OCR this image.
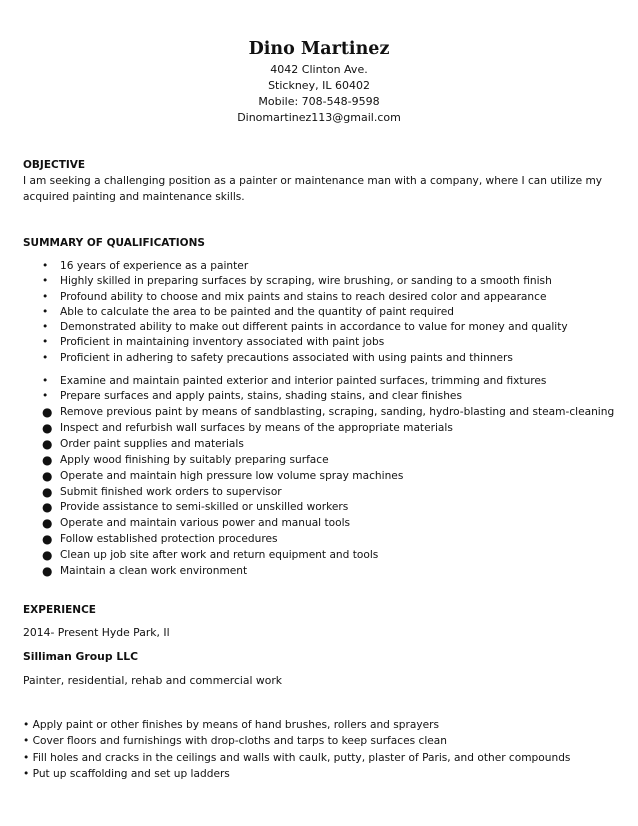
Dino Martinez
4042 Clinton Ave.
Stickney, IL 60402
Mobile: 708-548-9598
Dinomartinez113@gmail.com
OBJECTIVE
I am seeking a challenging position as a painter or maintenance man with a company, where I can utilize my
acquired painting and maintenance skills.
SUMMARY OF QUALIFICATIONS
• 16 years of experience as a painter
• Highly skilled in preparing surfaces by scraping, wire brushing, or sanding to a smooth finish
• Profound ability to choose and mix paints and stains to reach desired color and appearance
• Able to calculate the area to be painted and the quantity of paint required
• Demonstrated ability to make out different paints in accordance to value for money and quality
• Proficient in maintaining inventory associated with paint jobs
• Proficient in adhering to safety precautions associated with using paints and thinners
• Examine and maintain painted exterior and interior painted surfaces, trimming and fixtures
• Prepare surfaces and apply paints, stains, shading stains, and clear finishes
● Remove previous paint by means of sandblasting, scraping, sanding, hydro-blasting and steam-cleaning
● Inspect and refurbish wall surfaces by means of the appropriate materials
● Order paint supplies and materials
● Apply wood finishing by suitably preparing surface
● Operate and maintain high pressure low volume spray machines
● Submit finished work orders to supervisor
● Provide assistance to semi-skilled or unskilled workers
● Operate and maintain various power and manual tools
● Follow established protection procedures
● Clean up job site after work and return equipment and tools
● Maintain a clean work environment
EXPERIENCE
2014- Present Hyde Park, Il
Silliman Group LLC
Painter, residential, rehab and commercial work
• Apply paint or other finishes by means of hand brushes, rollers and sprayers
• Cover floors and furnishings with drop-cloths and tarps to keep surfaces clean
• Fill holes and cracks in the ceilings and walls with caulk, putty, plaster of Paris, and other compounds
• Put up scaffolding and set up ladders
